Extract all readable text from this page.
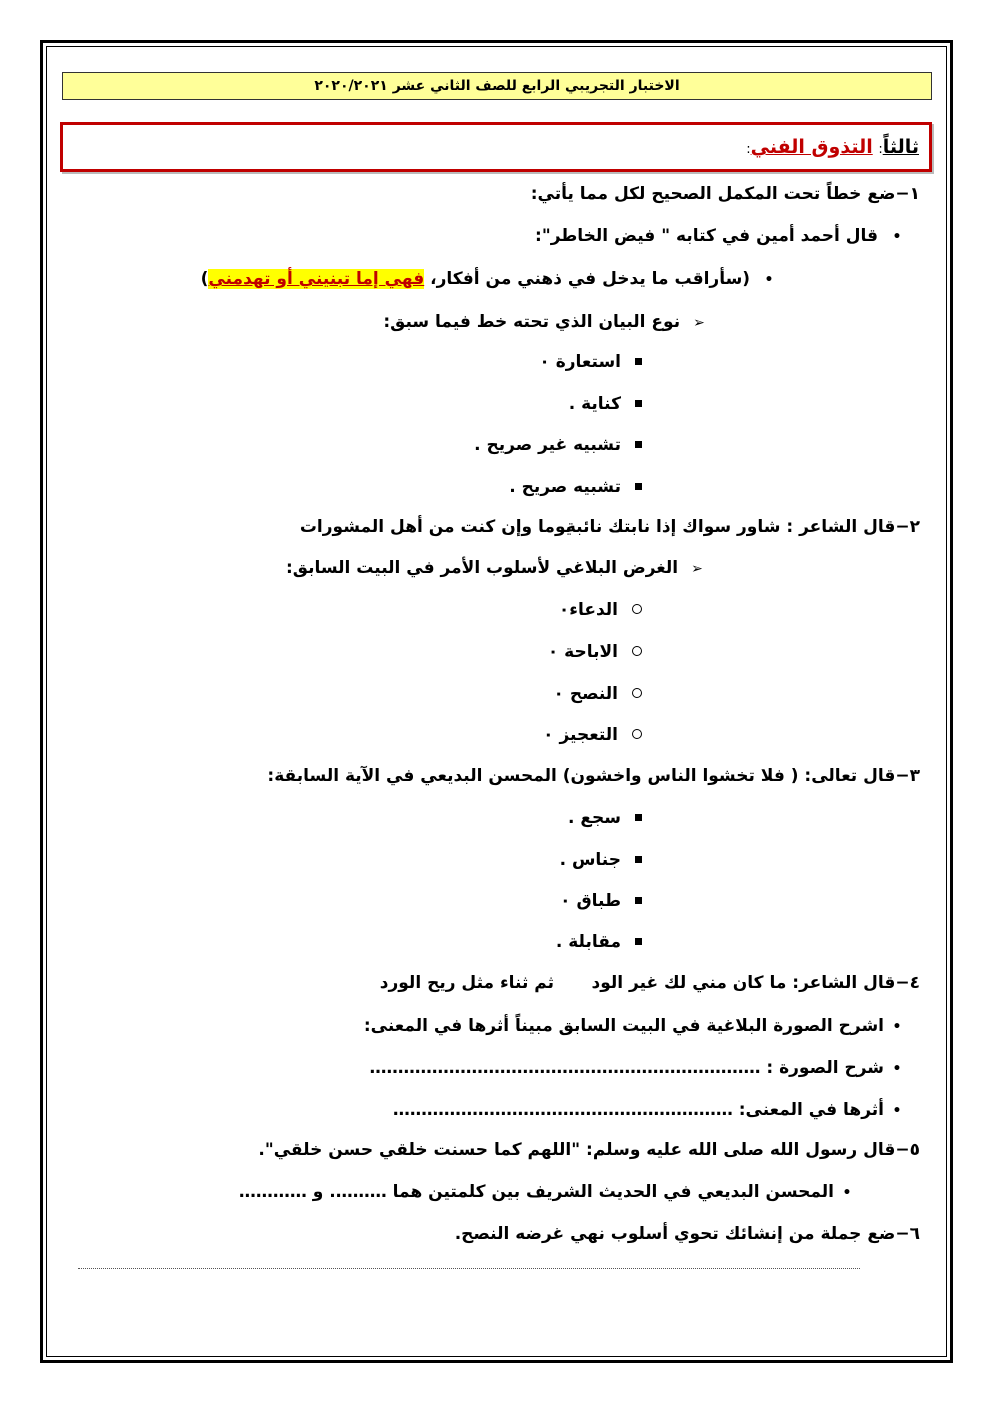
الاختبار التجريبي الرابع للصف الثاني عشر ٢٠٢٠/٢٠٢١
ثالثاً: التذوق الفني:
١−ضع خطاً تحت المكمل الصحيح لكل مما يأتي:
• قال أحمد أمين في كتابه " فيض الخاطر":
• (سأراقب ما يدخل في ذهني من أفكار، فهي إما تبنيني أو تهدمني)
➢ نوع البيان الذي تحته خط فيما سبق:
استعارة ٠
كناية .
تشبيه غير صريح .
تشبيه صريح .
٢−قال الشاعر : شاور سواك إذا نابتك نائبة
يوما وإن كنت من أهل المشورات
➢ الغرض البلاغي لأسلوب الأمر في البيت السابق:
الدعاء٠
الاباحة ٠
النصح ٠
التعجيز ٠
٣−قال تعالى: ( فلا تخشوا الناس واخشون) المحسن البديعي في الآية السابقة:
سجع .
جناس .
طباق ٠
مقابلة .
٤−قال الشاعر: ما كان مني لك غير الود
ثم ثناء مثل ريح الورد
•اشرح الصورة البلاغية في البيت السابق مبيناً أثرها في المعنى:
•شرح الصورة : ……………………………………………………………
•أثرها في المعنى: ……………………………………………………
٥−قال رسول الله صلى الله عليه وسلم: "اللهم كما حسنت خلقي حسن خلقي".
•المحسن البديعي في الحديث الشريف بين كلمتين هما ………. و …………
٦−ضع جملة من إنشائك تحوي أسلوب نهي غرضه النصح.
